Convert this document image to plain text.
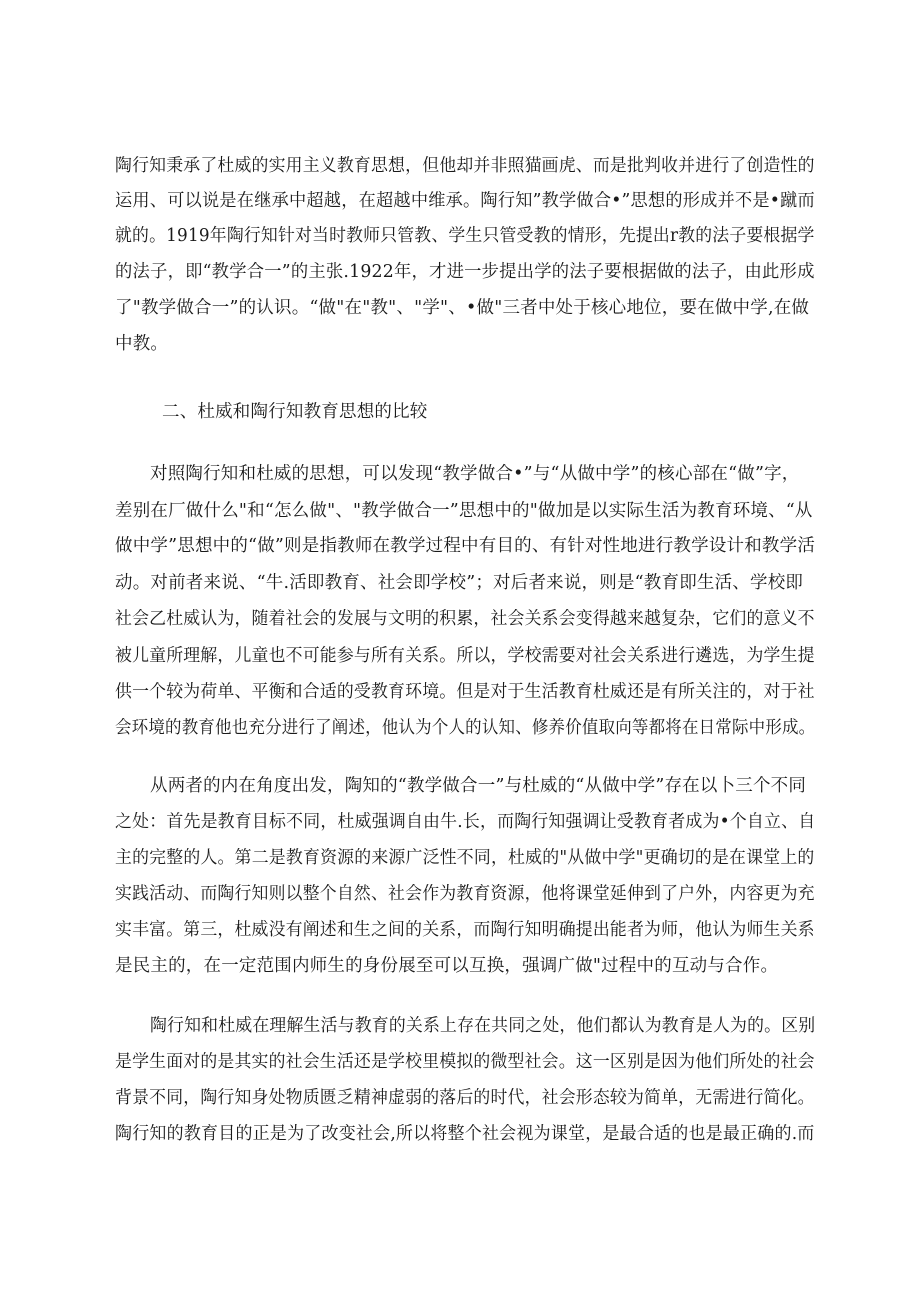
陶行知秉承了杜威的实用主义教育思想，但他却并非照猫画虎、而是批判收并进行了创造性的
运用、可以说是在继承中超越，在超越中维承。陶行知”教学做合•”思想的形成并不是•蹴而
就的。1919年陶行知针对当时教师只管教、学生只管受教的情形，先提出r教的法子要根据学
的法子，即“教学合一”的主张.1922年，才进一步提出学的法子要根据做的法子，由此形成
了"教学做合一”的认识。“做"在"教"、"学"、•做"三者中处于核心地位，要在做中学,在做
中教。
二、杜威和陶行知教育思想的比较
对照陶行知和杜威的思想，可以发现“教学做合•”与“从做中学”的核心部在“做”字，
差别在厂做什么"和“怎么做"、"教学做合一”思想中的"做加是以实际生活为教育环境、“从
做中学”思想中的“做”则是指教师在教学过程中有目的、有针对性地进行教学设计和教学活
动。对前者来说、“牛.活即教育、社会即学校”；对后者来说，则是“教育即生活、学校即
社会乙杜威认为，随着社会的发展与文明的积累，社会关系会变得越来越复杂，它们的意义不
被儿童所理解，儿童也不可能参与所有关系。所以，学校需要对社会关系进行遴选，为学生提
供一个较为荷单、平衡和合适的受教育环境。但是对于生活教育杜威还是有所关注的，对于社
会环境的教育他也充分进行了阐述，他认为个人的认知、修养价值取向等都将在日常际中形成。
从两者的内在角度出发，陶知的“教学做合一”与杜威的“从做中学”存在以卜三个不同
之处：首先是教育目标不同，杜威强调自由牛.长，而陶行知强调让受教育者成为•个自立、自
主的完整的人。第二是教育资源的来源广泛性不同，杜威的"从做中学"更确切的是在课堂上的
实践活动、而陶行知则以整个自然、社会作为教育资源，他将课堂延伸到了户外，内容更为充
实丰富。第三，杜威没有阐述和生之间的关系，而陶行知明确提出能者为师，他认为师生关系
是民主的，在一定范围内师生的身份展至可以互换，强调广做"过程中的互动与合作。
陶行知和杜威在理解生活与教育的关系上存在共同之处，他们都认为教育是人为的。区别
是学生面对的是其实的社会生活还是学校里模拟的微型社会。这一区别是因为他们所处的社会
背景不同，陶行知身处物质匮乏精神虚弱的落后的时代，社会形态较为简单，无需进行简化。
陶行知的教育目的正是为了改变社会,所以将整个社会视为课堂，是最合适的也是最正确的.而
